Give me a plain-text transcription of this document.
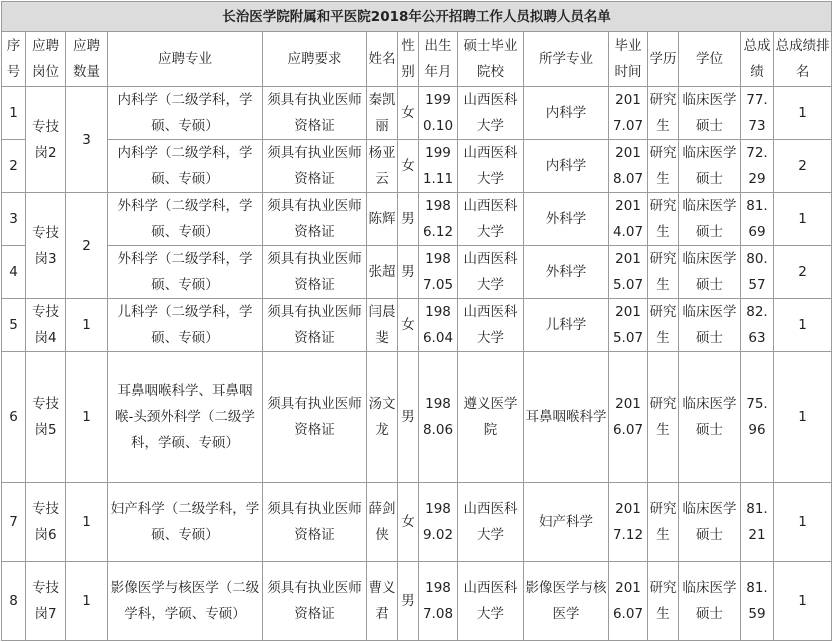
长治医学院附属和平医院2018年公开招聘工作人员拟聘人员名单														
序号	应聘岗位	应聘数量	应聘专业	应聘要求	姓名	性别	出生年月	硕士毕业院校	所学专业	毕业时间	学历	学位	总成绩	总成绩排名
1	专技岗2	3	内科学（二级学科，学硕、专硕）	须具有执业医师资格证	秦凯丽	女	1990.10	山西医科大学	内科学	2017.07	研究生	临床医学硕士	77.73	1
2			内科学（二级学科，学硕、专硕）	须具有执业医师资格证	杨亚云	女	1991.11	山西医科大学	内科学	2018.07	研究生	临床医学硕士	72.29	2
3	专技岗3	2	外科学（二级学科，学硕、专硕）	须具有执业医师资格证	陈辉	男	1986.12	山西医科大学	外科学	2014.07	研究生	临床医学硕士	81.69	1
4			外科学（二级学科，学硕、专硕）	须具有执业医师资格证	张超	男	1987.05	山西医科大学	外科学	2015.07	研究生	临床医学硕士	80.57	2
5	专技岗4	1	儿科学（二级学科，学硕、专硕）	须具有执业医师资格证	闫晨斐	女	1986.04	山西医科大学	儿科学	2015.07	研究生	临床医学硕士	82.63	1
6	专技岗5	1	耳鼻咽喉科学、耳鼻咽喉-头颈外科学（二级学科，学硕、专硕）	须具有执业医师资格证	汤文龙	男	1988.06	遵义医学院	耳鼻咽喉科学	2016.07	研究生	临床医学硕士	75.96	1
7	专技岗6	1	妇产科学（二级学科，学硕、专硕）	须具有执业医师资格证	薛剑侠	女	1989.02	山西医科大学	妇产科学	2017.12	研究生	临床医学硕士	81.21	1
8	专技岗7	1	影像医学与核医学（二级学科，学硕、专硕）	须具有执业医师资格证	曹义君	男	1987.08	山西医科大学	影像医学与核医学	2016.07	研究生	临床医学硕士	81.59	1
